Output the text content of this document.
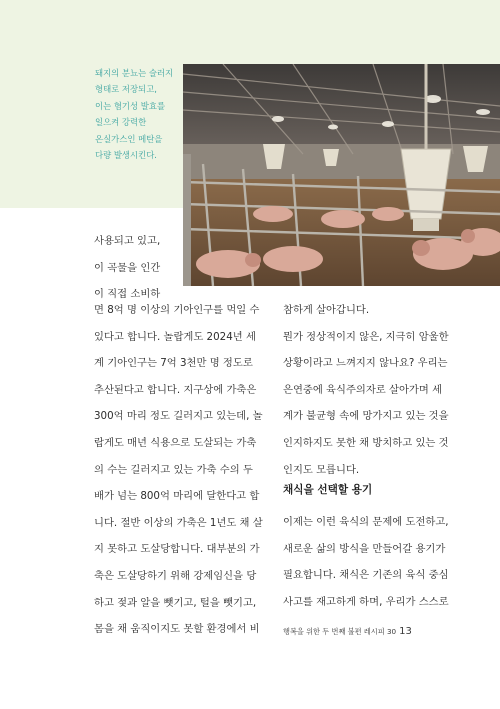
돼지의 분뇨는 슬러지
형태로 저장되고,
이는 혐기성 발효를
일으켜 강력한
온실가스인 메탄을
다량 발생시킨다.
사용되고 있고,
이 곡물을 인간
이 직접 소비하
면 8억 명 이상의 기아인구를 먹일 수
있다고 합니다. 놀랍게도 2024년 세
계 기아인구는 7억 3천만 명 정도로
추산된다고 합니다. 지구상에 가축은
300억 마리 정도 길러지고 있는데, 놀
랍게도 매년 식용으로 도살되는 가축
의 수는 길러지고 있는 가축 수의 두
배가 넘는 800억 마리에 달한다고 합
니다. 절반 이상의 가축은 1년도 채 살
지 못하고 도살당합니다. 대부분의 가
축은 도살당하기 위해 강제임신을 당
하고 젖과 알을 뺏기고, 털을 뺏기고,
몸을 채 움직이지도 못할 환경에서 비
참하게 살아갑니다.
뭔가 정상적이지 않은, 지극히 암울한
상황이라고 느껴지지 않나요? 우리는
은연중에 육식주의자로 살아가며 세
계가 불균형 속에 망가지고 있는 것을
인지하지도 못한 채 방치하고 있는 것
인지도 모릅니다.
채식을 선택할 용기
이제는 이런 육식의 문제에 도전하고,
새로운 삶의 방식을 만들어갈 용기가
필요합니다. 채식은 기존의 육식 중심
사고를 재고하게 하며, 우리가 스스로
행복을 위한 두 번째 불편 레시피 30 13
